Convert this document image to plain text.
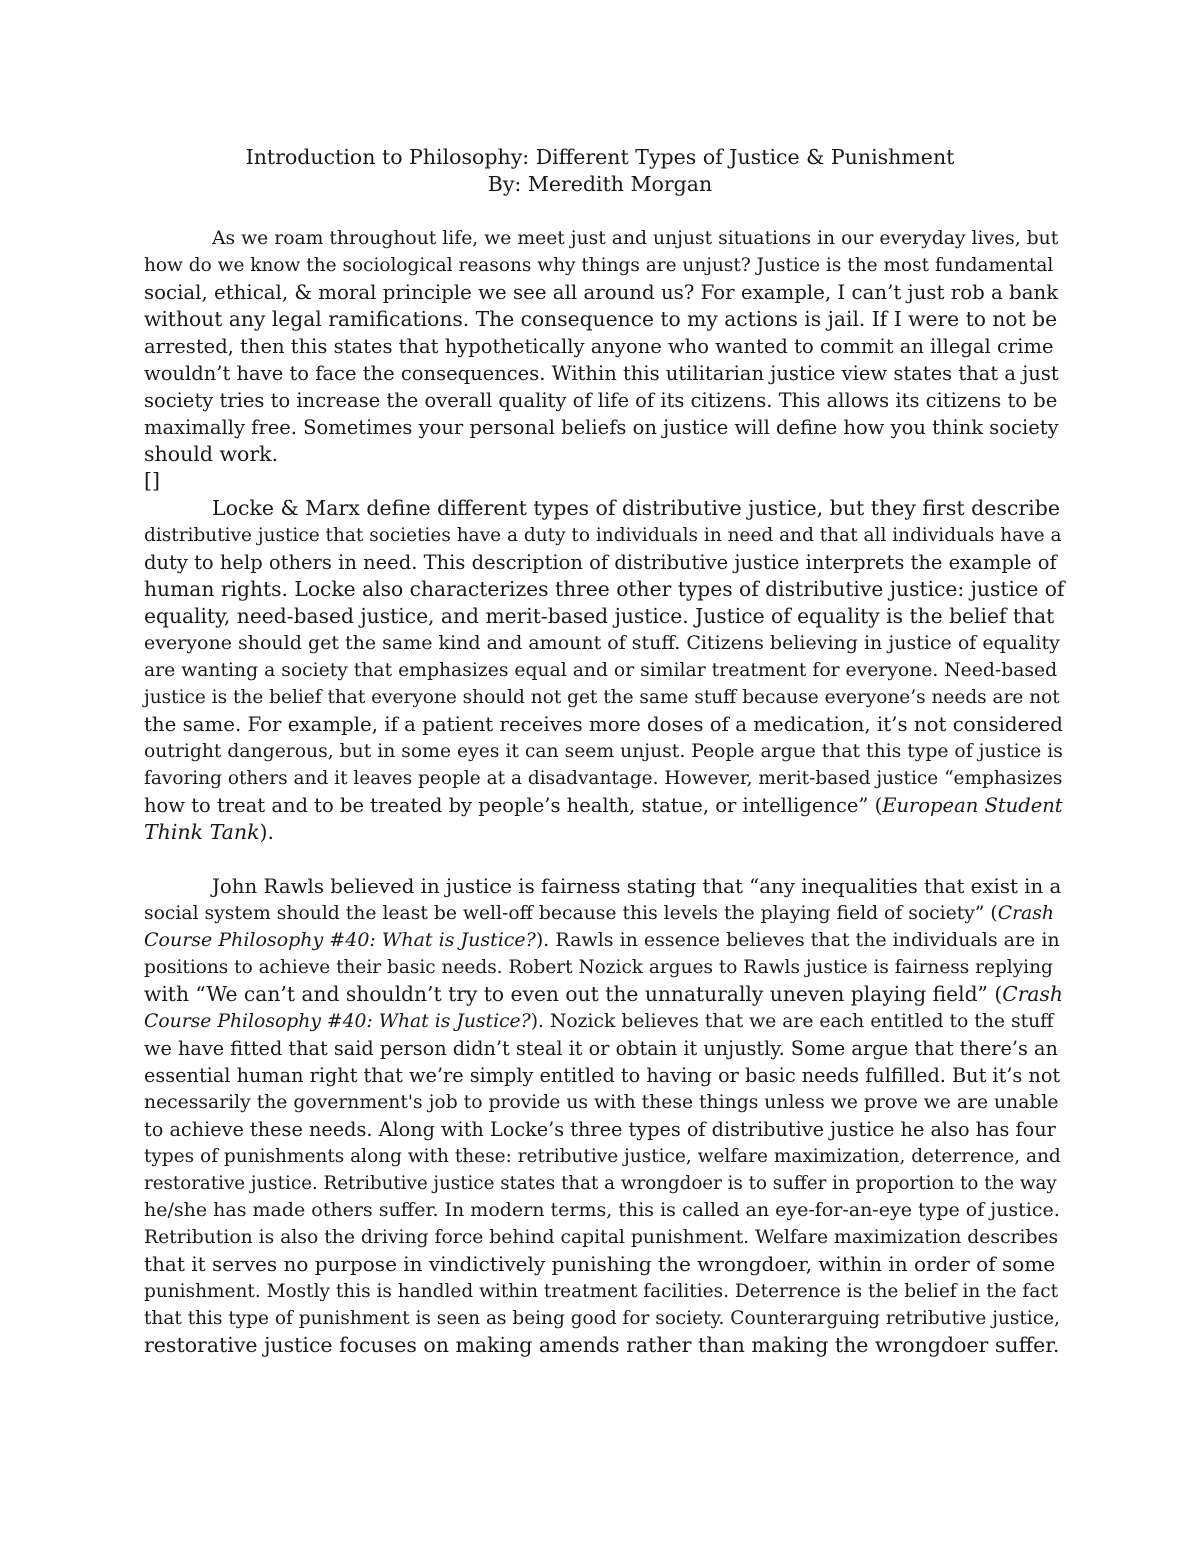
Introduction to Philosophy: Different Types of Justice & Punishment
By: Meredith Morgan
As we roam throughout life, we meet just and unjust situations in our everyday lives, but
how do we know the sociological reasons why things are unjust? Justice is the most fundamental
social, ethical, & moral principle we see all around us? For example, I can’t just rob a bank
without any legal ramifications. The consequence to my actions is jail. If I were to not be
arrested, then this states that hypothetically anyone who wanted to commit an illegal crime
wouldn’t have to face the consequences. Within this utilitarian justice view states that a just
society tries to increase the overall quality of life of its citizens. This allows its citizens to be
maximally free. Sometimes your personal beliefs on justice will define how you think society
should work.
[]
Locke & Marx define different types of distributive justice, but they first describe
distributive justice that societies have a duty to individuals in need and that all individuals have a
duty to help others in need. This description of distributive justice interprets the example of
human rights. Locke also characterizes three other types of distributive justice: justice of
equality, need-based justice, and merit-based justice. Justice of equality is the belief that
everyone should get the same kind and amount of stuff. Citizens believing in justice of equality
are wanting a society that emphasizes equal and or similar treatment for everyone. Need-based
justice is the belief that everyone should not get the same stuff because everyone’s needs are not
the same. For example, if a patient receives more doses of a medication, it’s not considered
outright dangerous, but in some eyes it can seem unjust. People argue that this type of justice is
favoring others and it leaves people at a disadvantage. However, merit-based justice “emphasizes
how to treat and to be treated by people’s health, statue, or intelligence” (European Student
Think Tank).
John Rawls believed in justice is fairness stating that “any inequalities that exist in a
social system should the least be well-off because this levels the playing field of society” (Crash
Course Philosophy #40: What is Justice?). Rawls in essence believes that the individuals are in
positions to achieve their basic needs. Robert Nozick argues to Rawls justice is fairness replying
with “We can’t and shouldn’t try to even out the unnaturally uneven playing field” (Crash
Course Philosophy #40: What is Justice?). Nozick believes that we are each entitled to the stuff
we have fitted that said person didn’t steal it or obtain it unjustly. Some argue that there’s an
essential human right that we’re simply entitled to having or basic needs fulfilled. But it’s not
necessarily the government's job to provide us with these things unless we prove we are unable
to achieve these needs. Along with Locke’s three types of distributive justice he also has four
types of punishments along with these: retributive justice, welfare maximization, deterrence, and
restorative justice. Retributive justice states that a wrongdoer is to suffer in proportion to the way
he/she has made others suffer. In modern terms, this is called an eye-for-an-eye type of justice.
Retribution is also the driving force behind capital punishment. Welfare maximization describes
that it serves no purpose in vindictively punishing the wrongdoer, within in order of some
punishment. Mostly this is handled within treatment facilities. Deterrence is the belief in the fact
that this type of punishment is seen as being good for society. Counterarguing retributive justice,
restorative justice focuses on making amends rather than making the wrongdoer suffer.
